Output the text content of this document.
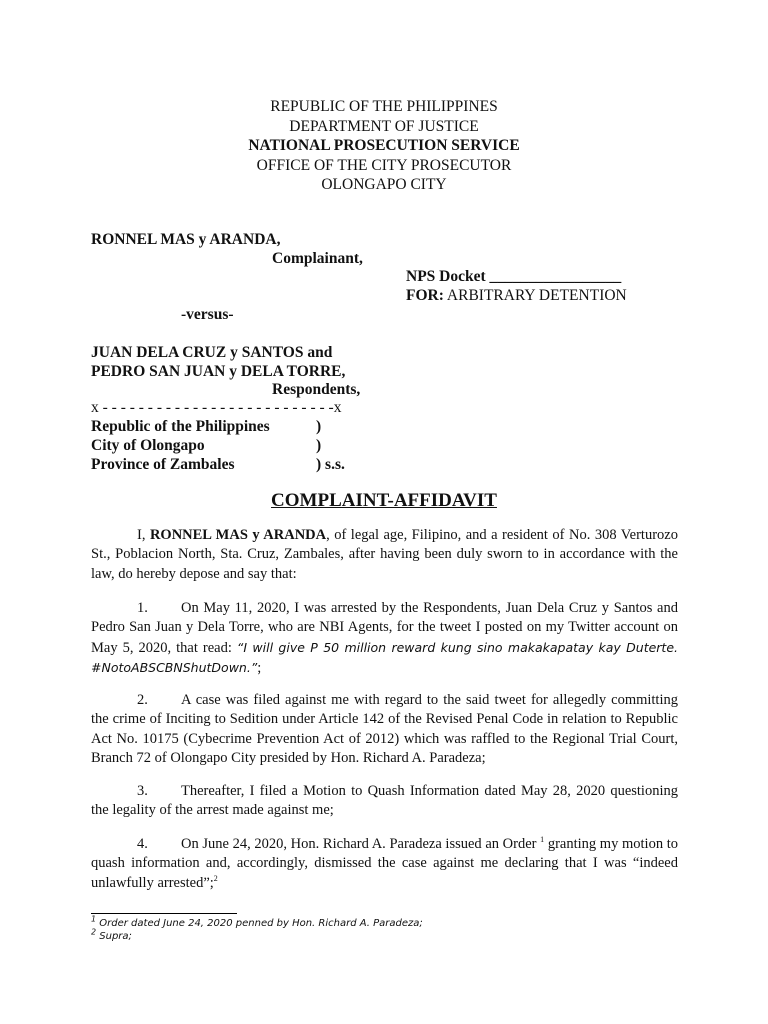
REPUBLIC OF THE PHILIPPINES
DEPARTMENT OF JUSTICE
NATIONAL PROSECUTION SERVICE
OFFICE OF THE CITY PROSECUTOR
OLONGAPO CITY
RONNEL MAS y ARANDA,
Complainant,
NPS Docket _________________
FOR: ARBITRARY DETENTION
-versus-
JUAN DELA CRUZ y SANTOS and
PEDRO SAN JUAN y DELA TORRE,
Respondents,
x - - - - - - - - - - - - - - - - - - - - - - - - - -x
Republic of the Philippines	)
City of Olongapo	)
Province of Zambales	) s.s.
COMPLAINT-AFFIDAVIT
I, RONNEL MAS y ARANDA, of legal age, Filipino, and a resident of No. 308 Verturozo St., Poblacion North, Sta. Cruz, Zambales, after having been duly sworn to in accordance with the law, do hereby depose and say that:
1. On May 11, 2020, I was arrested by the Respondents, Juan Dela Cruz y Santos and Pedro San Juan y Dela Torre, who are NBI Agents, for the tweet I posted on my Twitter account on May 5, 2020, that read: “I will give P 50 million reward kung sino makakapatay kay Duterte. #NotoABSCBNShutDown.”;
2. A case was filed against me with regard to the said tweet for allegedly committing the crime of Inciting to Sedition under Article 142 of the Revised Penal Code in relation to Republic Act No. 10175 (Cybecrime Prevention Act of 2012) which was raffled to the Regional Trial Court, Branch 72 of Olongapo City presided by Hon. Richard A. Paradeza;
3. Thereafter, I filed a Motion to Quash Information dated May 28, 2020 questioning the legality of the arrest made against me;
4. On June 24, 2020, Hon. Richard A. Paradeza issued an Order $^1$ granting my motion to quash information and, accordingly, dismissed the case against me declaring that I was “indeed unlawfully arrested”;$^2$
$^1$ Order dated June 24, 2020 penned by Hon. Richard A. Paradeza;
$^2$ Supra;
